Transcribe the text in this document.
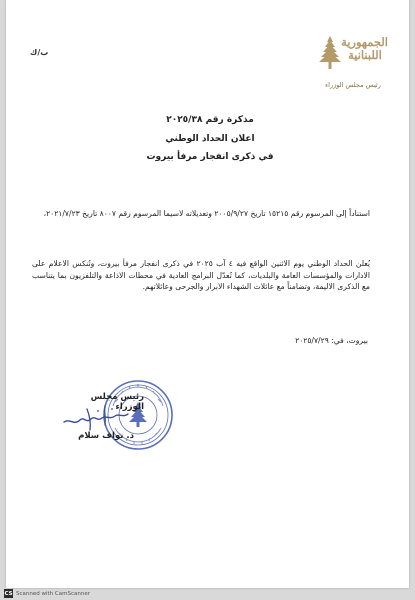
ب/ك
الجمهورية
اللبنانية
رئيس مجلس الوزراء
مذكرة رقم ٢٠٢٥/٣٨
اعلان الحداد الوطني
في ذكرى انفجار مرفأ بيروت
استناداً إلى المرسوم رقم ١٥٢١٥ تاريخ ٢٠٠٥/٩/٢٧ وتعديلاته لاسيما المرسوم رقم ٨٠٠٧ تاريخ ٢٠٢١/٧/٢٣،
يُعلن الحداد الوطني يوم الاثنين الواقع فيه ٤ آب ٢٠٢٥ في ذكرى انفجار مرفأ بيروت، وتُنكس الاعلام على الادارات والمؤسسات العامة والبلديات، كما تُعدّل البرامج العادية في محطات الاذاعة والتلفزيون بما يتناسب مع الذكرى الاليمة، وتضامناً مع عائلات الشهداء الابرار والجرحى وعائلاتهم.
بيروت، في: ٢٠٢٥/٧/٢٩
رئيس مجلس الوزراء
د. نواف سلام
CS Scanned with CamScanner
